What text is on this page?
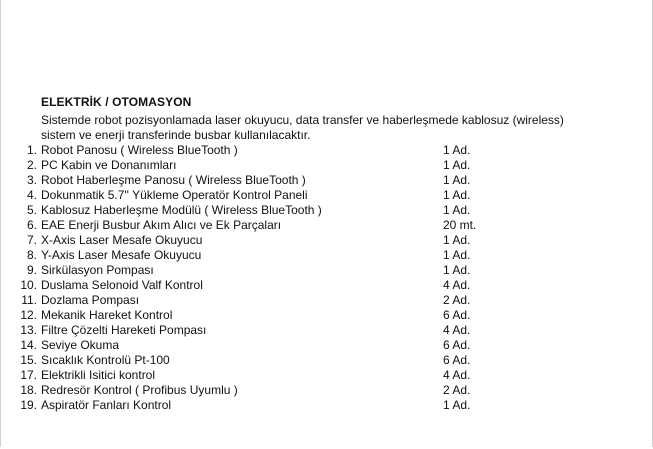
ELEKTRİK / OTOMASYON
Sistemde robot pozisyonlamada laser okuyucu, data transfer ve haberleşmede kablosuz (wireless)
sistem ve enerji transferinde busbar kullanılacaktır.
1. Robot Panosu ( Wireless BlueTooth )	1 Ad.
2. PC Kabin ve Donanımları	1 Ad.
3. Robot Haberleşme Panosu ( Wireless BlueTooth )	1 Ad.
4. Dokunmatik 5.7'' Yükleme Operatör Kontrol Paneli	1 Ad.
5. Kablosuz Haberleşme Modülü ( Wireless BlueTooth )	1 Ad.
6. EAE Enerji Busbur Akım Alıcı ve Ek Parçaları	20 mt.
7. X-Axis Laser Mesafe Okuyucu	1 Ad.
8. Y-Axis Laser Mesafe Okuyucu	1 Ad.
9. Sirkülasyon Pompası	1 Ad.
10. Duslama Selonoid Valf Kontrol	4 Ad.
11. Dozlama Pompası	2 Ad.
12. Mekanik Hareket Kontrol	6 Ad.
13. Filtre Çözelti Hareketi Pompası	4 Ad.
14. Seviye Okuma	6 Ad.
15. Sıcaklık Kontrolü Pt-100	6 Ad.
17. Elektrikli Isitici kontrol	4 Ad.
18. Redresör Kontrol ( Profibus Uyumlu )	2 Ad.
19. Aspiratör Fanları Kontrol	1 Ad.
